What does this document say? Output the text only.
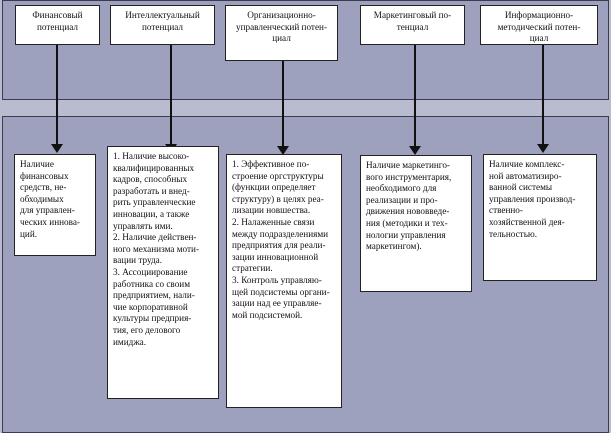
Финансовый
потенциал
Интеллектуальный
потенциал
Организационно-
управленческий потен-
циал
Маркетинговый по-
тенциал
Информационно-
методический потен-
циал
Наличие
финансовых
средств, не-
обходимых
для управлен-
ческих иннова-
ций.
1. Наличие высоко-
квалифицированных
кадров, способных
разработать и внед-
рить управленческие
инновации, а также
управлять ими.
2. Наличие действен-
ного механизма моти-
вации труда.
3. Ассоциирование
работника со своим
предприятием, нали-
чие корпоративной
культуры предприя-
тия, его делового
имиджа.
1. Эффективное по-
строение оргструктуры
(функции определяет
структуру) в целях реа-
лизации новшества.
2. Налаженные связи
между подразделениями
предприятия для реали-
зации инновационной
стратегии.
3. Контроль управляю-
щей подсистемы органи-
зации над ее управляе-
мой подсистемой.
Наличие маркетинго-
вого инструментария,
необходимого для
реализации и про-
движения нововведе-
ния (методики и тех-
нологии управления
маркетингом).
Наличие комплекс-
ной автоматизиро-
ванной системы
управления производ-
ственно-
хозяйственной дея-
тельностью.
